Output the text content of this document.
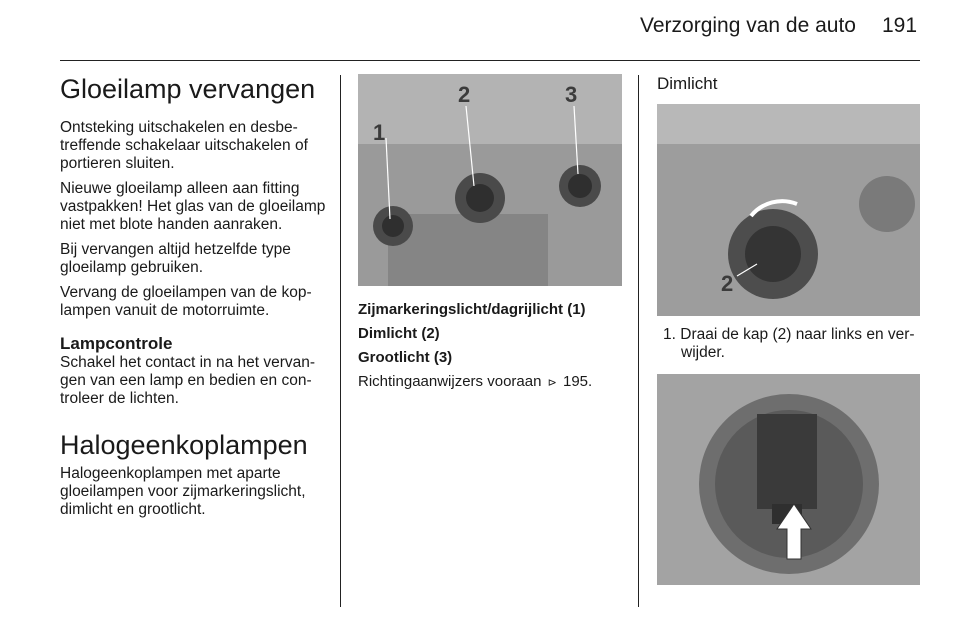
Verzorging van de auto 191
Gloeilamp vervangen

Ontsteking uitschakelen en desbetreffende schakelaar uitschakelen of portieren sluiten.

Nieuwe gloeilamp alleen aan fitting vastpakken! Het glas van de gloeilamp niet met blote handen aanraken.

Bij vervangen altijd hetzelfde type gloeilamp gebruiken.

Vervang de gloeilampen van de koplampen vanuit de motorruimte.

Lampcontrole

Schakel het contact in na het vervangen van een lamp en bedien en controleer de lichten.

Halogeenkoplampen

Halogeenkoplampen met aparte gloeilampen voor zijmarkeringslicht, dimlicht en grootlicht.

1
2	3

Zijmarkeringslicht/dagrijlicht (1)

Dimlicht (2)

Grootlicht (3)

Richtingaanwijzers vooraan ⊳ 195.

Dimlicht
2

1. Draai de kap (2) naar links en verwijder.
